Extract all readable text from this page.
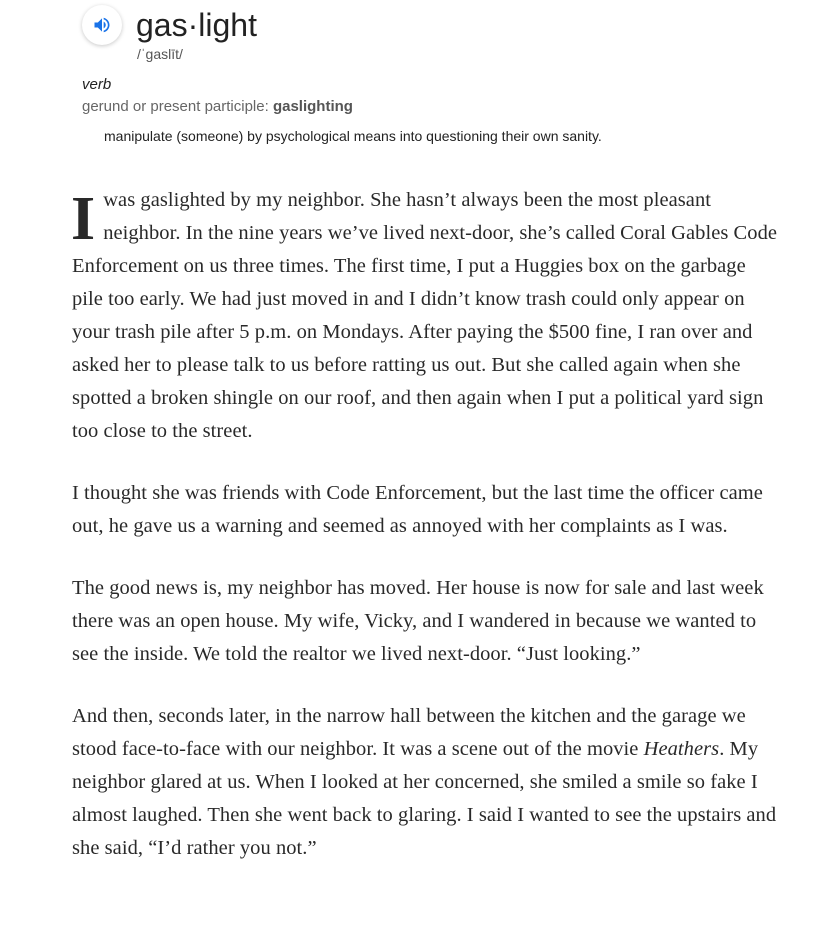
gas·light
/ˈɡaslīt/
verb
gerund or present participle: gaslighting
manipulate (someone) by psychological means into questioning their own sanity.

Iwas gaslighted by my neighbor. She hasn’t always been the most pleasant neighbor. In the nine years we’ve lived next-door, she’s called Coral Gables Code Enforcement on us three times. The first time, I put a Huggies box on the garbage pile too early. We had just moved in and I didn’t know trash could only appear on your trash pile after 5 p.m. on Mondays. After paying the $500 fine, I ran over and asked her to please talk to us before ratting us out. But she called again when she spotted a broken shingle on our roof, and then again when I put a political yard sign too close to the street.

I thought she was friends with Code Enforcement, but the last time the officer came out, he gave us a warning and seemed as annoyed with her complaints as I was.

The good news is, my neighbor has moved. Her house is now for sale and last week there was an open house. My wife, Vicky, and I wandered in because we wanted to see the inside. We told the realtor we lived next-door. “Just looking.”

And then, seconds later, in the narrow hall between the kitchen and the garage we stood face-to-face with our neighbor. It was a scene out of the movie Heathers. My neighbor glared at us. When I looked at her concerned, she smiled a smile so fake I almost laughed. Then she went back to glaring. I said I wanted to see the upstairs and she said, “I’d rather you not.”
